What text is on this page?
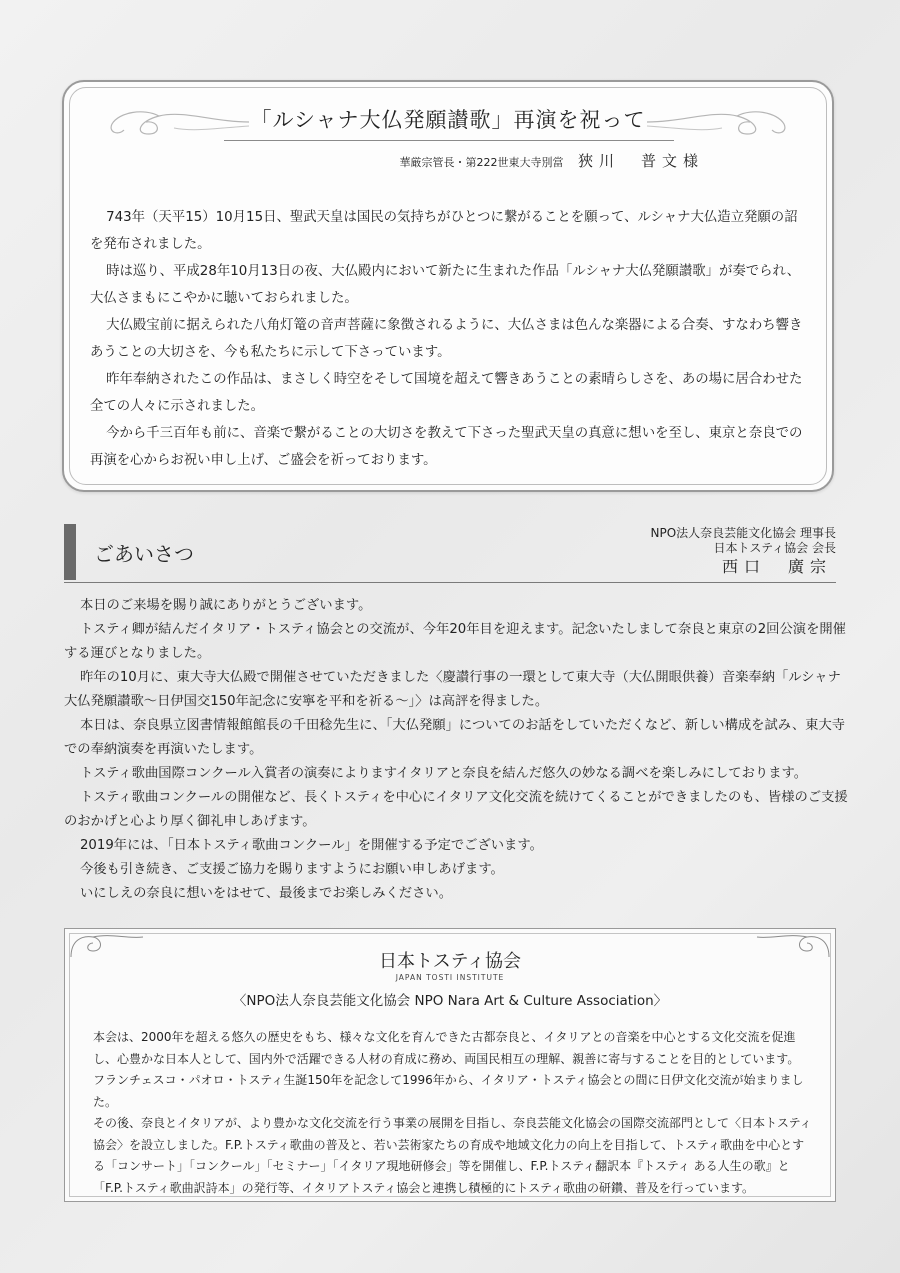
「ルシャナ大仏発願讃歌」再演を祝って
華厳宗管長・第222世東大寺別當 狹川　普文様

743年（天平15）10月15日、聖武天皇は国民の気持ちがひとつに繋がることを願って、ルシャナ大仏造立発願の詔を発布されました。

時は巡り、平成28年10月13日の夜、大仏殿内において新たに生まれた作品「ルシャナ大仏発願讃歌」が奏でられ、大仏さまもにこやかに聴いておられました。

大仏殿宝前に据えられた八角灯篭の音声菩薩に象徴されるように、大仏さまは色んな楽器による合奏、すなわち響きあうことの大切さを、今も私たちに示して下さっています。

昨年奉納されたこの作品は、まさしく時空をそして国境を超えて響きあうことの素晴らしさを、あの場に居合わせた全ての人々に示されました。

今から千三百年も前に、音楽で繋がることの大切さを教えて下さった聖武天皇の真意に想いを至し、東京と奈良での再演を心からお祝い申し上げ、ご盛会を祈っております。

ごあいさつ
NPO法人奈良芸能文化協会 理事長
日本トスティ協会 会長
西口　廣宗

本日のご来場を賜り誠にありがとうございます。

トスティ卿が結んだイタリア・トスティ協会との交流が、今年20年目を迎えます。記念いたしまして奈良と東京の2回公演を開催する運びとなりました。

昨年の10月に、東大寺大仏殿で開催させていただきました〈慶讃行事の一環として東大寺（大仏開眼供養）音楽奉納「ルシャナ大仏発願讃歌〜日伊国交150年記念に安寧を平和を祈る〜」〉は高評を得ました。

本日は、奈良県立図書情報館館長の千田稔先生に、「大仏発願」についてのお話をしていただくなど、新しい構成を試み、東大寺での奉納演奏を再演いたします。

トスティ歌曲国際コンクール入賞者の演奏によりますイタリアと奈良を結んだ悠久の妙なる調べを楽しみにしております。

トスティ歌曲コンクールの開催など、長くトスティを中心にイタリア文化交流を続けてくることができましたのも、皆様のご支援のおかげと心より厚く御礼申しあげます。

2019年には、「日本トスティ歌曲コンクール」を開催する予定でございます。

今後も引き続き、ご支援ご協力を賜りますようにお願い申しあげます。

いにしえの奈良に想いをはせて、最後までお楽しみください。

日本トスティ協会
JAPAN TOSTI INSTITUTE
〈NPO法人奈良芸能文化協会 NPO Nara Art & Culture Association〉

本会は、2000年を超える悠久の歴史をもち、様々な文化を育んできた古都奈良と、イタリアとの音楽を中心とする文化交流を促進し、心豊かな日本人として、国内外で活躍できる人材の育成に務め、両国民相互の理解、親善に寄与することを目的としています。

フランチェスコ・パオロ・トスティ生誕150年を記念して1996年から、イタリア・トスティ協会との間に日伊文化交流が始まりました。

その後、奈良とイタリアが、より豊かな文化交流を行う事業の展開を目指し、奈良芸能文化協会の国際交流部門として〈日本トスティ協会〉を設立しました。F.P.トスティ歌曲の普及と、若い芸術家たちの育成や地域文化力の向上を目指して、トスティ歌曲を中心とする「コンサート」「コンクール」「セミナー」「イタリア現地研修会」等を開催し、F.P.トスティ翻訳本『トスティ ある人生の歌』と「F.P.トスティ歌曲訳詩本」の発行等、イタリアトスティ協会と連携し積極的にトスティ歌曲の研鑽、普及を行っています。
